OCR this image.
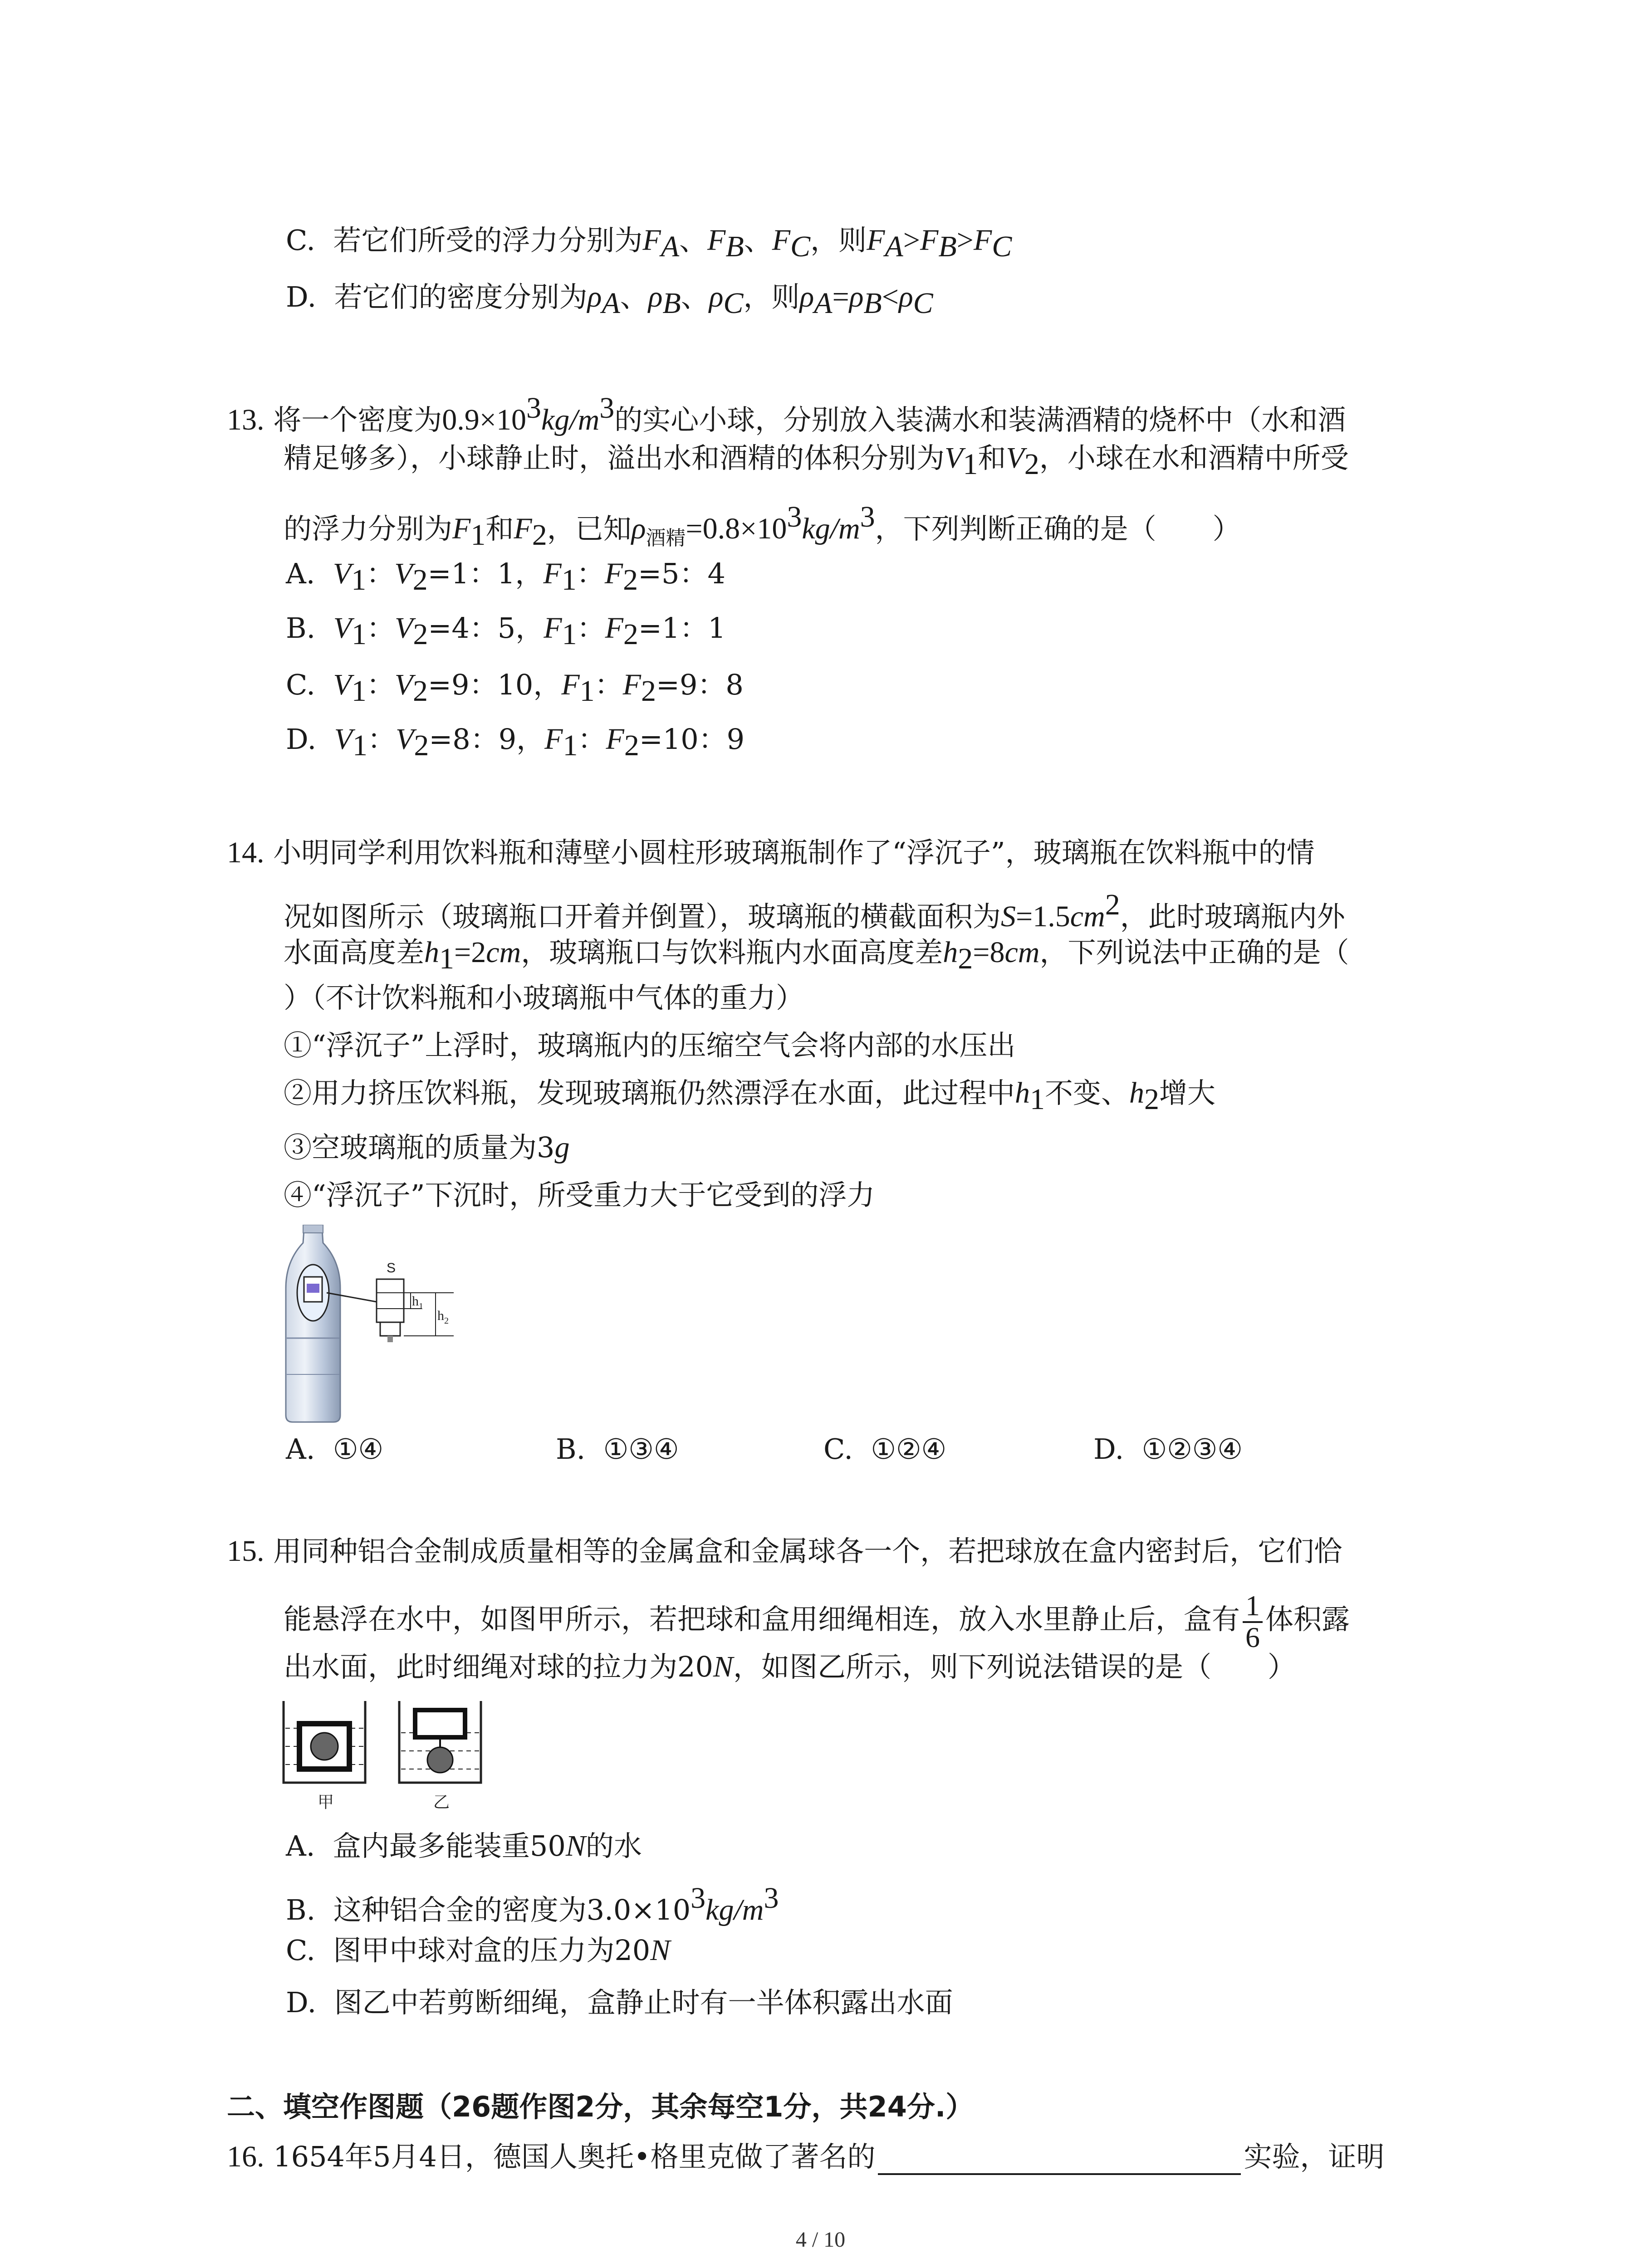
C. 若它们所受的浮力分别为$F_A$、$F_B$、$F_C$，则$F_A>F_B>F_C$
D. 若它们的密度分别为$\rho_A$、$\rho_B$、$\rho_C$，则$\rho_A=\rho_B<\rho_C$
13. 将一个密度为$0.9\times 10^3kg/m^3$的实心小球，分别放入装满水和装满酒精的烧杯中（水和酒
精足够多），小球静止时，溢出水和酒精的体积分别为$V_1$和$V_2$，小球在水和酒精中所受
的浮力分别为$F_1$和$F_2$，已知$\rho_{酒精}=0.8\times 10^3kg/m^3$，下列判断正确的是（　　）
A. $V_1$：$V_2=1$：1，$F_1$：$F_2=5$：4
B. $V_1$：$V_2=4$：5，$F_1$：$F_2=1$：1
C. $V_1$：$V_2=9$：10，$F_1$：$F_2=9$：8
D. $V_1$：$V_2=8$：9，$F_1$：$F_2=10$：9
14. 小明同学利用饮料瓶和薄壁小圆柱形玻璃瓶制作了“浮沉子”，玻璃瓶在饮料瓶中的情
况如图所示（玻璃瓶口开着并倒置），玻璃瓶的横截面积为$S=1.5cm^2$，此时玻璃瓶内外
水面高度差$h_1=2cm$，玻璃瓶口与饮料瓶内水面高度差$h_2=8cm$，下列说法中正确的是（
）（不计饮料瓶和小玻璃瓶中气体的重力）
①“浮沉子”上浮时，玻璃瓶内的压缩空气会将内部的水压出
②用力挤压饮料瓶，发现玻璃瓶仍然漂浮在水面，此过程中$h_1$不变、$h_2$增大
③空玻璃瓶的质量为3g
④“浮沉子”下沉时，所受重力大于它受到的浮力
S
$h_1$
$h_2$
A. ①④	B. ①③④	C. ①②④	D. ①②③④
15. 用同种铝合金制成质量相等的金属盒和金属球各一个，若把球放在盒内密封后，它们恰
能悬浮在水中，如图甲所示，若把球和盒用细绳相连，放入水里静止后，盒有 $\frac{1}{6}$ 体积露
出水面，此时细绳对球的拉力为20N，如图乙所示，则下列说法错误的是（　　）
甲	乙
A. 盒内最多能装重50N的水
B. 这种铝合金的密度为$3.0\times 10^3kg/m^3$
C. 图甲中球对盒的压力为20N
D. 图乙中若剪断细绳，盒静止时有一半体积露出水面
二、填空作图题（26题作图2分，其余每空1分，共24分.）
16. 1654年5月4日，德国人奥托•格里克做了著名的	实验，证明
4 / 10
